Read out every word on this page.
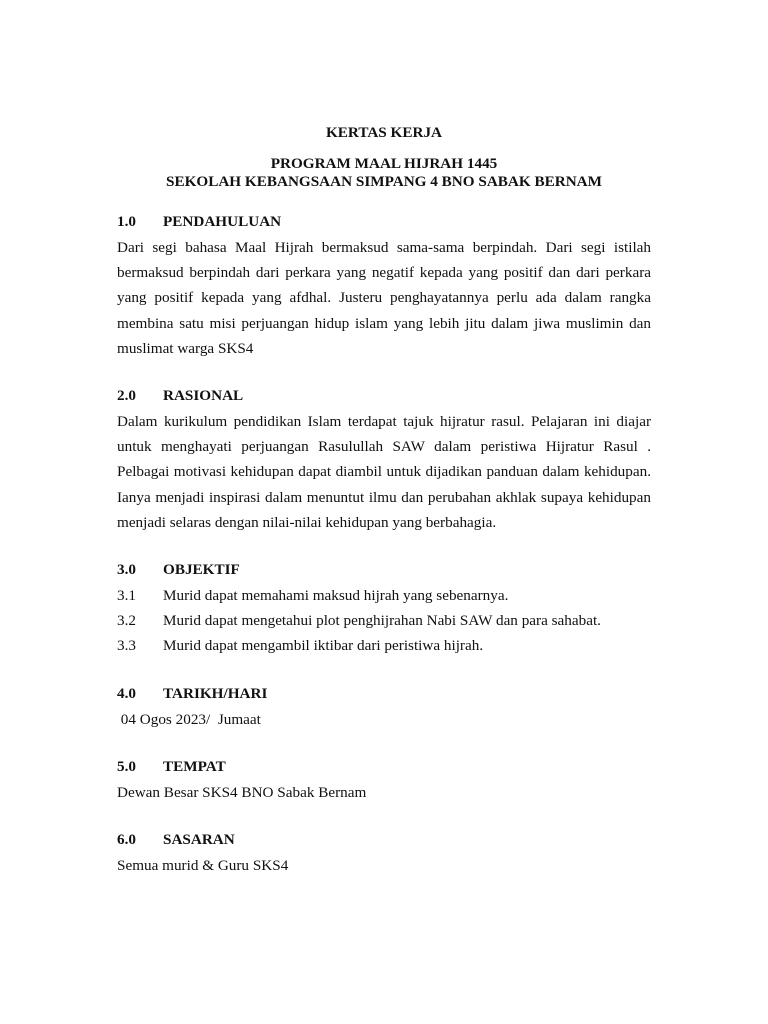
KERTAS KERJA

PROGRAM MAAL HIJRAH 1445

SEKOLAH KEBANGSAAN SIMPANG 4 BNO SABAK BERNAM

1.0	PENDAHULUAN

Dari segi bahasa Maal Hijrah bermaksud sama-sama berpindah. Dari segi istilah bermaksud berpindah dari perkara yang negatif kepada yang positif dan dari perkara yang positif kepada yang afdhal. Justeru penghayatannya perlu ada dalam rangka membina satu misi perjuangan hidup islam yang lebih jitu dalam jiwa muslimin dan muslimat warga SKS4

2.0	RASIONAL

Dalam kurikulum pendidikan Islam terdapat tajuk hijratur rasul. Pelajaran ini diajar untuk menghayati perjuangan Rasulullah SAW dalam peristiwa Hijratur Rasul . Pelbagai motivasi kehidupan dapat diambil untuk dijadikan panduan dalam kehidupan. Ianya menjadi inspirasi dalam menuntut ilmu dan perubahan akhlak supaya kehidupan menjadi selaras dengan nilai-nilai kehidupan yang berbahagia.

3.0	OBJEKTIF

3.1	Murid dapat memahami maksud hijrah yang sebenarnya.

3.2	Murid dapat mengetahui plot penghijrahan Nabi SAW dan para sahabat.

3.3	Murid dapat mengambil iktibar dari peristiwa hijrah.

4.0	TARIKH/HARI

04 Ogos 2023/  Jumaat

5.0	TEMPAT

Dewan Besar SKS4 BNO Sabak Bernam

6.0	SASARAN

Semua murid & Guru SKS4
